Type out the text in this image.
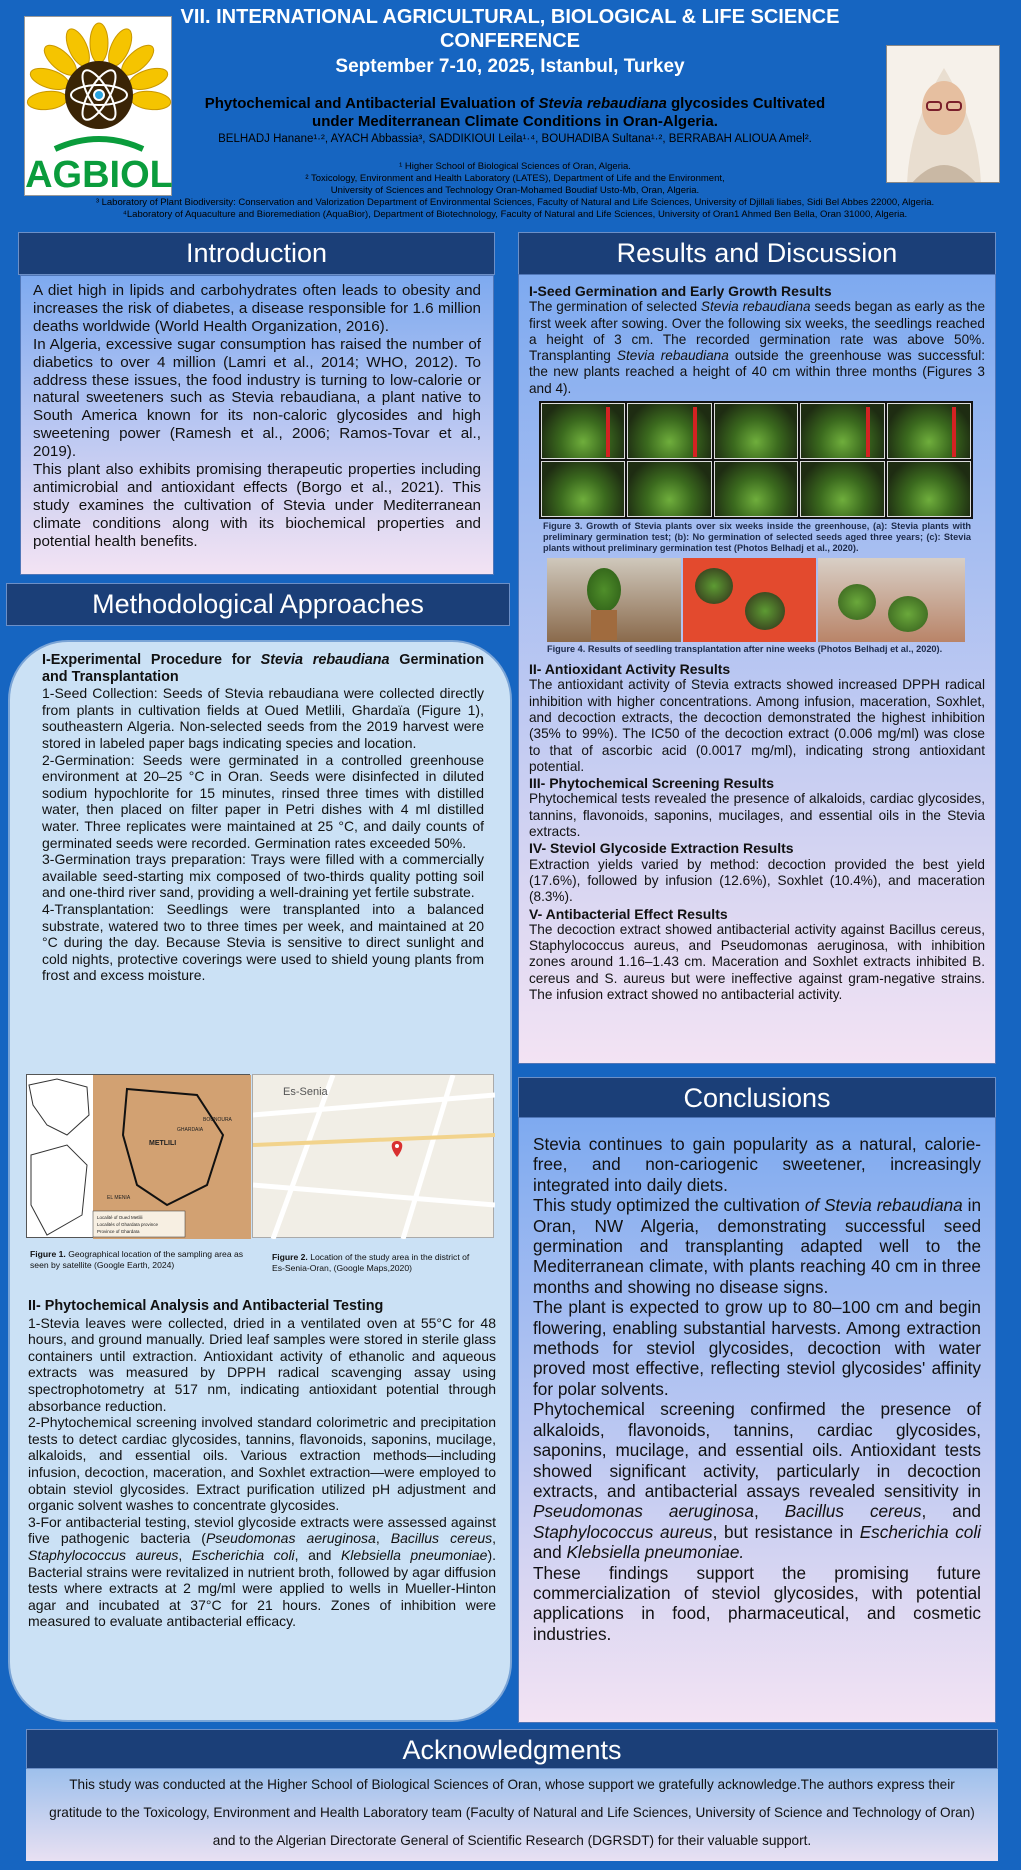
AGBIOL
VII. INTERNATIONAL AGRICULTURAL, BIOLOGICAL & LIFE SCIENCE
CONFERENCE
September 7-10, 2025, Istanbul, Turkey
Phytochemical and Antibacterial Evaluation of Stevia rebaudiana glycosides Cultivated
under Mediterranean Climate Conditions in Oran-Algeria.
BELHADJ Hanane¹·², AYACH Abbassia³, SADDIKIOUI Leila¹·⁴, BOUHADIBA Sultana¹·², BERRABAH ALIOUA Amel².
¹ Higher School of Biological Sciences of Oran, Algeria.
² Toxicology, Environment and Health Laboratory (LATES), Department of Life and the Environment,
University of Sciences and Technology Oran-Mohamed Boudiaf Usto-Mb, Oran, Algeria.
³ Laboratory of Plant Biodiversity: Conservation and Valorization Department of Environmental Sciences, Faculty of Natural and Life Sciences, University of Djillali liabes, Sidi Bel Abbes 22000, Algeria.
⁴Laboratory of Aquaculture and Bioremediation (AquaBior), Department of Biotechnology, Faculty of Natural and Life Sciences, University of Oran1 Ahmed Ben Bella, Oran 31000, Algeria.
Introduction

A diet high in lipids and carbohydrates often leads to obesity and increases the risk of diabetes, a disease responsible for 1.6 million deaths worldwide (World Health Organization, 2016).

In Algeria, excessive sugar consumption has raised the number of diabetics to over 4 million (Lamri et al., 2014; WHO, 2012). To address these issues, the food industry is turning to low-calorie or natural sweeteners such as Stevia rebaudiana, a plant native to South America known for its non-caloric glycosides and high sweetening power (Ramesh et al., 2006; Ramos-Tovar et al., 2019).

This plant also exhibits promising therapeutic properties including antimicrobial and antioxidant effects (Borgo et al., 2021). This study examines the cultivation of Stevia under Mediterranean climate conditions along with its biochemical properties and potential health benefits.

Methodological Approaches

I-Experimental Procedure for Stevia rebaudiana Germination and Transplantation

1-Seed Collection: Seeds of Stevia rebaudiana were collected directly from plants in cultivation fields at Oued Metlili, Ghardaïa (Figure 1), southeastern Algeria. Non-selected seeds from the 2019 harvest were stored in labeled paper bags indicating species and location.

2-Germination: Seeds were germinated in a controlled greenhouse environment at 20–25 °C in Oran. Seeds were disinfected in diluted sodium hypochlorite for 15 minutes, rinsed three times with distilled water, then placed on filter paper in Petri dishes with 4 ml distilled water. Three replicates were maintained at 25 °C, and daily counts of germinated seeds were recorded. Germination rates exceeded 50%.

3-Germination trays preparation: Trays were filled with a commercially available seed-starting mix composed of two-thirds quality potting soil and one-third river sand, providing a well-draining yet fertile substrate.

4-Transplantation: Seedlings were transplanted into a balanced substrate, watered two to three times per week, and maintained at 20 °C during the day. Because Stevia is sensitive to direct sunlight and cold nights, protective coverings were used to shield young plants from frost and excess moisture.

METLILI
GHARDAIA
BOUNOURA
EL MENIA
Localité of Oued Metlili
Localités of Ghardaïa province
Province of Ghardaïa
Es-Senia
Figure 1. Geographical location of the sampling area as seen by satellite (Google Earth, 2024)
Figure 2. Location of the study area in the district of Es-Senia-Oran, (Google Maps,2020)

II- Phytochemical Analysis and Antibacterial Testing

1-Stevia leaves were collected, dried in a ventilated oven at 55°C for 48 hours, and ground manually. Dried leaf samples were stored in sterile glass containers until extraction. Antioxidant activity of ethanolic and aqueous extracts was measured by DPPH radical scavenging assay using spectrophotometry at 517 nm, indicating antioxidant potential through absorbance reduction.

2-Phytochemical screening involved standard colorimetric and precipitation tests to detect cardiac glycosides, tannins, flavonoids, saponins, mucilage, alkaloids, and essential oils. Various extraction methods—including infusion, decoction, maceration, and Soxhlet extraction—were employed to obtain steviol glycosides. Extract purification utilized pH adjustment and organic solvent washes to concentrate glycosides.

3-For antibacterial testing, steviol glycoside extracts were assessed against five pathogenic bacteria (Pseudomonas aeruginosa, Bacillus cereus, Staphylococcus aureus, Escherichia coli, and Klebsiella pneumoniae). Bacterial strains were revitalized in nutrient broth, followed by agar diffusion tests where extracts at 2 mg/ml were applied to wells in Mueller-Hinton agar and incubated at 37°C for 21 hours. Zones of inhibition were measured to evaluate antibacterial efficacy.

Results and Discussion

I-Seed Germination and Early Growth Results

The germination of selected Stevia rebaudiana seeds began as early as the first week after sowing. Over the following six weeks, the seedlings reached a height of 3 cm. The recorded germination rate was above 50%. Transplanting Stevia rebaudiana outside the greenhouse was successful: the new plants reached a height of 40 cm within three months (Figures 3 and 4).

Figure 3. Growth of Stevia plants over six weeks inside the greenhouse, (a): Stevia plants with preliminary germination test; (b): No germination of selected seeds aged three years; (c): Stevia plants without preliminary germination test (Photos Belhadj et al., 2020).

Figure 4. Results of seedling transplantation after nine weeks (Photos Belhadj et al., 2020).

II- Antioxidant Activity Results

The antioxidant activity of Stevia extracts showed increased DPPH radical inhibition with higher concentrations. Among infusion, maceration, Soxhlet, and decoction extracts, the decoction demonstrated the highest inhibition (35% to 99%). The IC50 of the decoction extract (0.006 mg/ml) was close to that of ascorbic acid (0.0017 mg/ml), indicating strong antioxidant potential.

III- Phytochemical Screening Results

Phytochemical tests revealed the presence of alkaloids, cardiac glycosides, tannins, flavonoids, saponins, mucilages, and essential oils in the Stevia extracts.

IV- Steviol Glycoside Extraction Results

Extraction yields varied by method: decoction provided the best yield (17.6%), followed by infusion (12.6%), Soxhlet (10.4%), and maceration (8.3%).

V- Antibacterial Effect Results

The decoction extract showed antibacterial activity against Bacillus cereus, Staphylococcus aureus, and Pseudomonas aeruginosa, with inhibition zones around 1.16–1.43 cm. Maceration and Soxhlet extracts inhibited B. cereus and S. aureus but were ineffective against gram-negative strains. The infusion extract showed no antibacterial activity.

Conclusions

Stevia continues to gain popularity as a natural, calorie-free, and non-cariogenic sweetener, increasingly integrated into daily diets.

This study optimized the cultivation of Stevia rebaudiana in Oran, NW Algeria, demonstrating successful seed germination and transplanting adapted well to the Mediterranean climate, with plants reaching 40 cm in three months and showing no disease signs.

The plant is expected to grow up to 80–100 cm and begin flowering, enabling substantial harvests. Among extraction methods for steviol glycosides, decoction with water proved most effective, reflecting steviol glycosides' affinity for polar solvents.

Phytochemical screening confirmed the presence of alkaloids, flavonoids, tannins, cardiac glycosides, saponins, mucilage, and essential oils. Antioxidant tests showed significant activity, particularly in decoction extracts, and antibacterial assays revealed sensitivity in Pseudomonas aeruginosa, Bacillus cereus, and Staphylococcus aureus, but resistance in Escherichia coli and Klebsiella pneumoniae.

These findings support the promising future commercialization of steviol glycosides, with potential applications in food, pharmaceutical, and cosmetic industries.

Acknowledgments

This study was conducted at the Higher School of Biological Sciences of Oran, whose support we gratefully acknowledge.The authors express their gratitude to the Toxicology, Environment and Health Laboratory team (Faculty of Natural and Life Sciences, University of Science and Technology of Oran) and to the Algerian Directorate General of Scientific Research (DGRSDT) for their valuable support.
